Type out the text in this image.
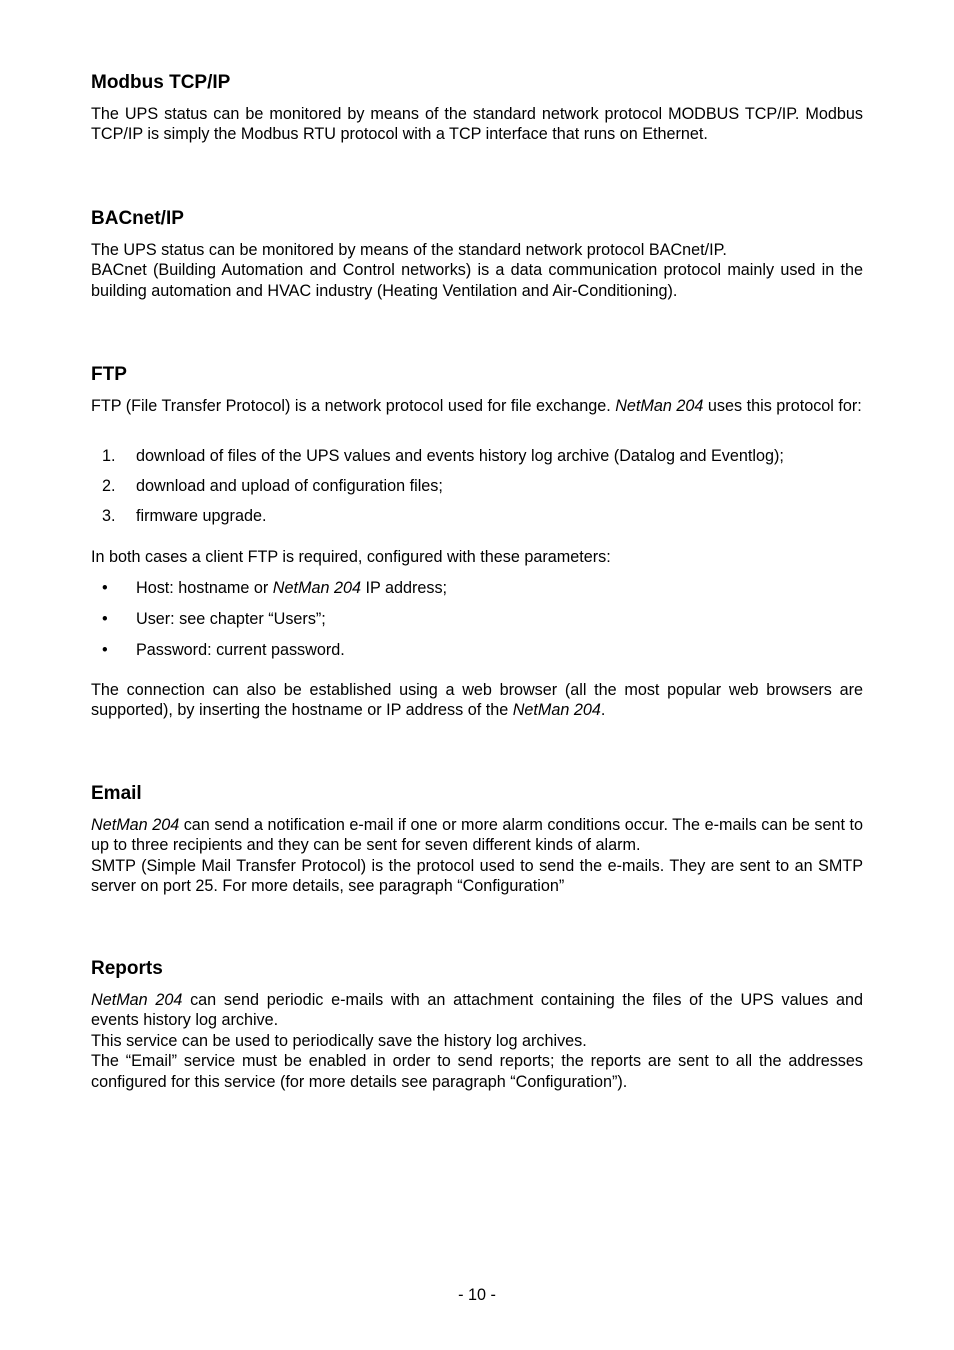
Modbus TCP/IP

The UPS status can be monitored by means of the standard network protocol MODBUS TCP/IP. Modbus TCP/IP is simply the Modbus RTU protocol with a TCP interface that runs on Ethernet.

BACnet/IP

The UPS status can be monitored by means of the standard network protocol BACnet/IP.

BACnet (Building Automation and Control networks) is a data communication protocol mainly used in the building automation and HVAC industry (Heating Ventilation and Air-Conditioning).

FTP

FTP (File Transfer Protocol) is a network protocol used for file exchange. NetMan 204 uses this protocol for:

1. download of files of the UPS values and events history log archive (Datalog and Eventlog);
2. download and upload of configuration files;
3. firmware upgrade.

In both cases a client FTP is required, configured with these parameters:

• Host: hostname or NetMan 204 IP address;
• User: see chapter “Users”;
• Password: current password.

The connection can also be established using a web browser (all the most popular web browsers are supported), by inserting the hostname or IP address of the NetMan 204.

Email

NetMan 204 can send a notification e-mail if one or more alarm conditions occur. The e-mails can be sent to up to three recipients and they can be sent for seven different kinds of alarm.

SMTP (Simple Mail Transfer Protocol) is the protocol used to send the e-mails. They are sent to an SMTP server on port 25. For more details, see paragraph “Configuration”

Reports

NetMan 204 can send periodic e-mails with an attachment containing the files of the UPS values and events history log archive.

This service can be used to periodically save the history log archives.

The “Email” service must be enabled in order to send reports; the reports are sent to all the addresses configured for this service (for more details see paragraph “Configuration”).

- 10 -
